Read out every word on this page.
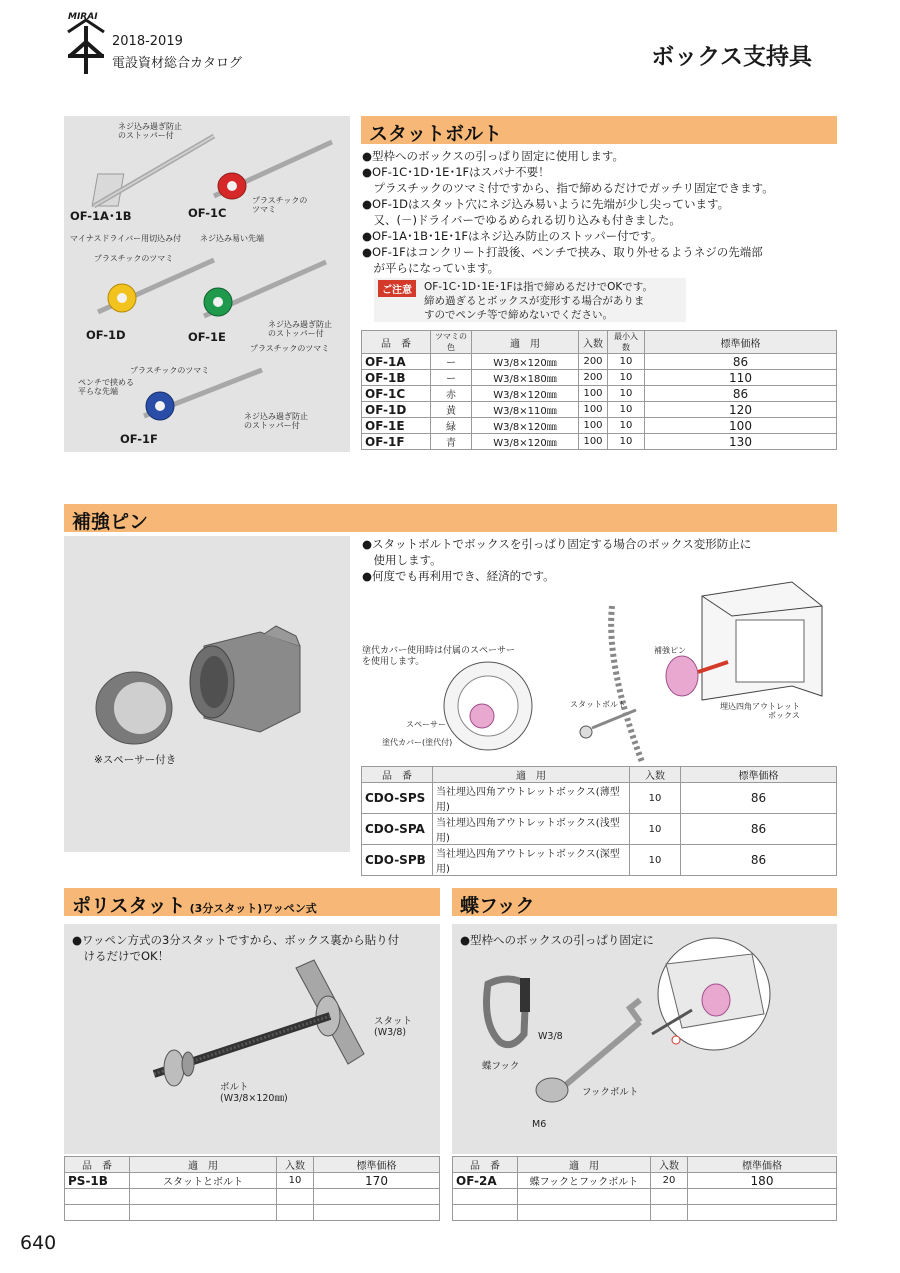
MIRAI
2018-2019
電設資材総合カタログ	ボックス支持具
ネジ込み過ぎ防止
のストッパー付
OF-1A･1B	OF-1C
プラスチックの
ツマミ
マイナスドライバー用切込み付 ネジ込み易い先端
プラスチックのツマミ
OF-1D	OF-1E
ネジ込み過ぎ防止
のストッパー付
プラスチックのツマミ
プラスチックのツマミ
ペンチで挟める
平らな先端
ネジ込み過ぎ防止
のストッパー付
OF-1F
スタットボルト
●型枠へのボックスの引っぱり固定に使用します。
●OF-1C･1D･1E･1Fはスパナ不要！
　プラスチックのツマミ付ですから、指で締めるだけでガッチリ固定できます。
●OF-1Dはスタット穴にネジ込み易いように先端が少し尖っています。
　又、(－)ドライバーでゆるめられる切り込みも付きました。
●OF-1A･1B･1E･1Fはネジ込み防止のストッパー付です。
●OF-1Fはコンクリート打設後、ペンチで挟み、取り外せるようネジの先端部
　が平らになっています。
ご注意	OF-1C･1D･1E･1Fは指で締めるだけでOKです。
締め過ぎるとボックスが変形する場合がありま
すのでペンチ等で締めないでください。
品　番	ツマミの色	適　用	入数	最小入数	標準価格
OF-1A	ー	W3/8×120㎜	200	10	86
OF-1B	ー	W3/8×180㎜	200	10	110
OF-1C	赤	W3/8×120㎜	100	10	86
OF-1D	黄	W3/8×110㎜	100	10	120
OF-1E	緑	W3/8×120㎜	100	10	100
OF-1F	青	W3/8×120㎜	100	10	130
補強ピン
※スペーサー付き
●スタットボルトでボックスを引っぱり固定する場合のボックス変形防止に
　使用します。
●何度でも再利用でき、経済的です。
塗代カバー使用時は付属のスペーサー
を使用します。
スペーサー
塗代カバー(塗代付)
補強ピン
スタットボルト	埋込四角アウトレット
ボックス
品　番	適　用	入数	標準価格
CDO-SPS	当社埋込四角アウトレットボックス(薄型用)	10	86
CDO-SPA	当社埋込四角アウトレットボックス(浅型用)	10	86
CDO-SPB	当社埋込四角アウトレットボックス(深型用)	10	86
ポリスタット (3分スタット)ワッペン式
●ワッペン方式の3分スタットですから、ボックス裏から貼り付
　けるだけでOK！
スタット
(W3/8)
ボルト
(W3/8×120㎜)
品　番	適　用	入数	標準価格
PS-1B	スタットとボルト	10	170

蝶フック
●型枠へのボックスの引っぱり固定に
W3/8
蝶フック
フックボルト
M6
品　番	適　用	入数	標準価格
OF-2A	蝶フックとフックボルト	20	180

640
